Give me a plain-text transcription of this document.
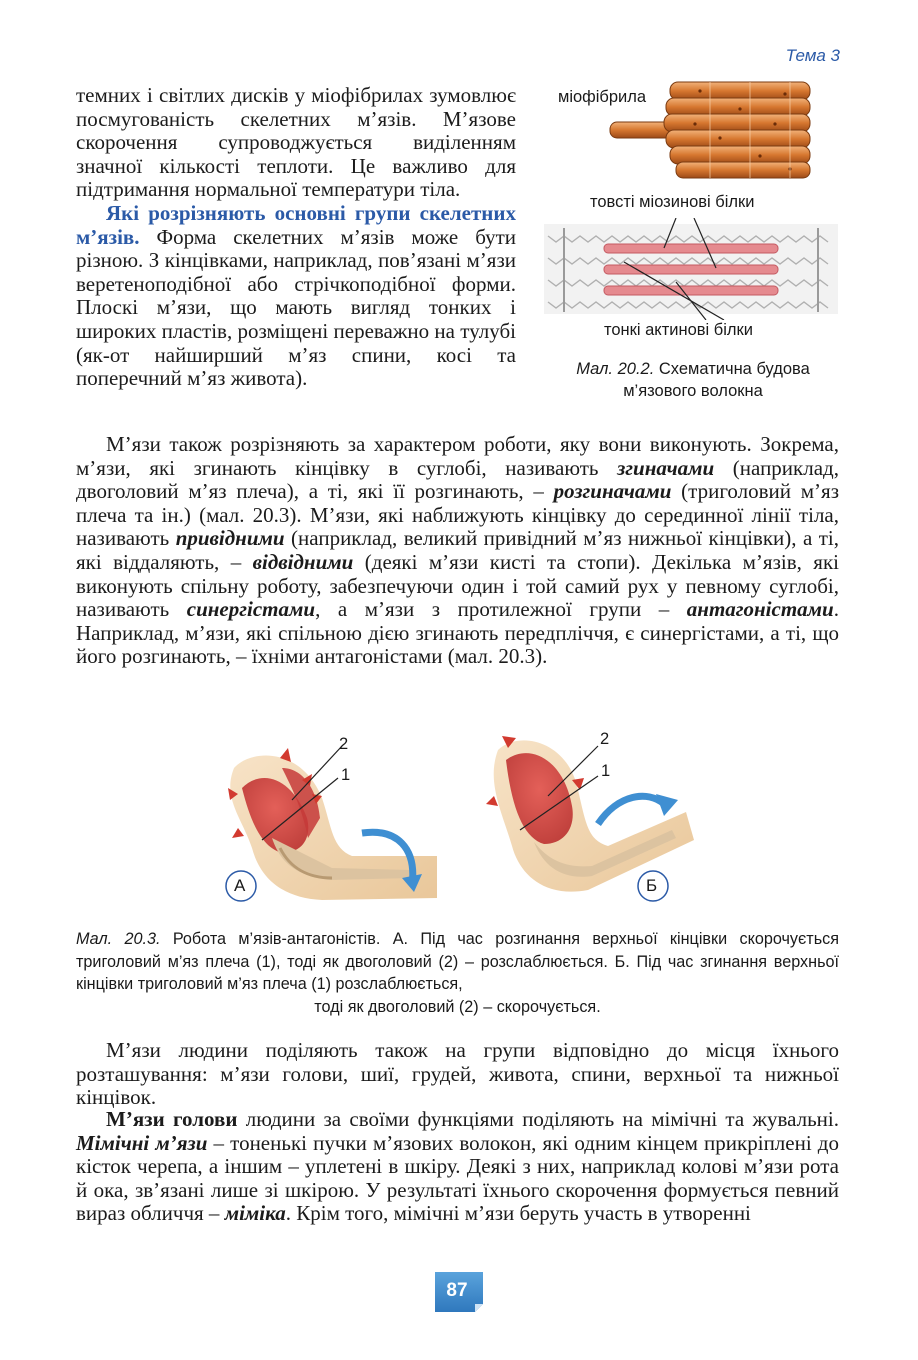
Тема 3

темних і світлих дисків у міофібрилах зумовлює посмугованість скелетних м’язів. М’язове скорочення супроводжується виділенням значної кількості теплоти. Це важливо для підтримання нормальної температури тіла.

Які розрізняють основні групи скелетних м’язів. Форма скелетних м’язів може бути різною. З кінцівками, наприклад, пов’язані м’язи веретеноподібної або стрічкоподібної форми. Плоскі м’язи, що мають вигляд тонких і широких пластів, розміщені переважно на тулубі (як-от найширший м’яз спини, косі та поперечний м’яз живота).

міофібрила
товсті міозинові білки
тонкі актинові білки
Мал. 20.2. Схематична будова м’язового волокна

М’язи також розрізняють за характером роботи, яку вони виконують. Зокрема, м’язи, які згинають кінцівку в суглобі, називають згиначами (наприклад, двоголовий м’яз плеча), а ті, які її розгинають, – розгиначами (триголовий м’яз плеча та ін.) (мал. 20.3). М’язи, які наближують кінцівку до серединної лінії тіла, називають привідними (наприклад, великий привідний м’яз нижньої кінцівки), а ті, які віддаляють, – відвідними (деякі м’язи кисті та стопи). Декілька м’язів, які виконують спільну роботу, забезпечуючи один і той самий рух у певному суглобі, називають синергістами, а м’язи з протилежної групи – антагоністами. Наприклад, м’язи, які спільною дією згинають передпліччя, є синергістами, а ті, що його розгинають, – їхніми антагоністами (мал. 20.3).

2
1
А
2
1
Б
Мал. 20.3. Робота м’язів-антагоністів. А. Під час розгинання верхньої кінцівки скорочується триголовий м’яз плеча (1), тоді як двоголовий (2) – розслаблюється. Б. Під час згинання верхньої кінцівки триголовий м’яз плеча (1) розслаблюється,
тоді як двоголовий (2) – скорочується.

М’язи людини поділяють також на групи відповідно до місця їхнього розташування: м’язи голови, шиї, грудей, живота, спини, верхньої та нижньої кінцівок.

М’язи голови людини за своїми функціями поділяють на мімічні та жувальні. Мімічні м’язи – тоненькі пучки м’язових волокон, які одним кінцем прикріплені до кісток черепа, а іншим – уплетені в шкіру. Деякі з них, наприклад колові м’язи рота й ока, зв’язані лише зі шкірою. У результаті їхнього скорочення формується певний вираз обличчя – міміка. Крім того, мімічні м’язи беруть участь в утворенні

87
